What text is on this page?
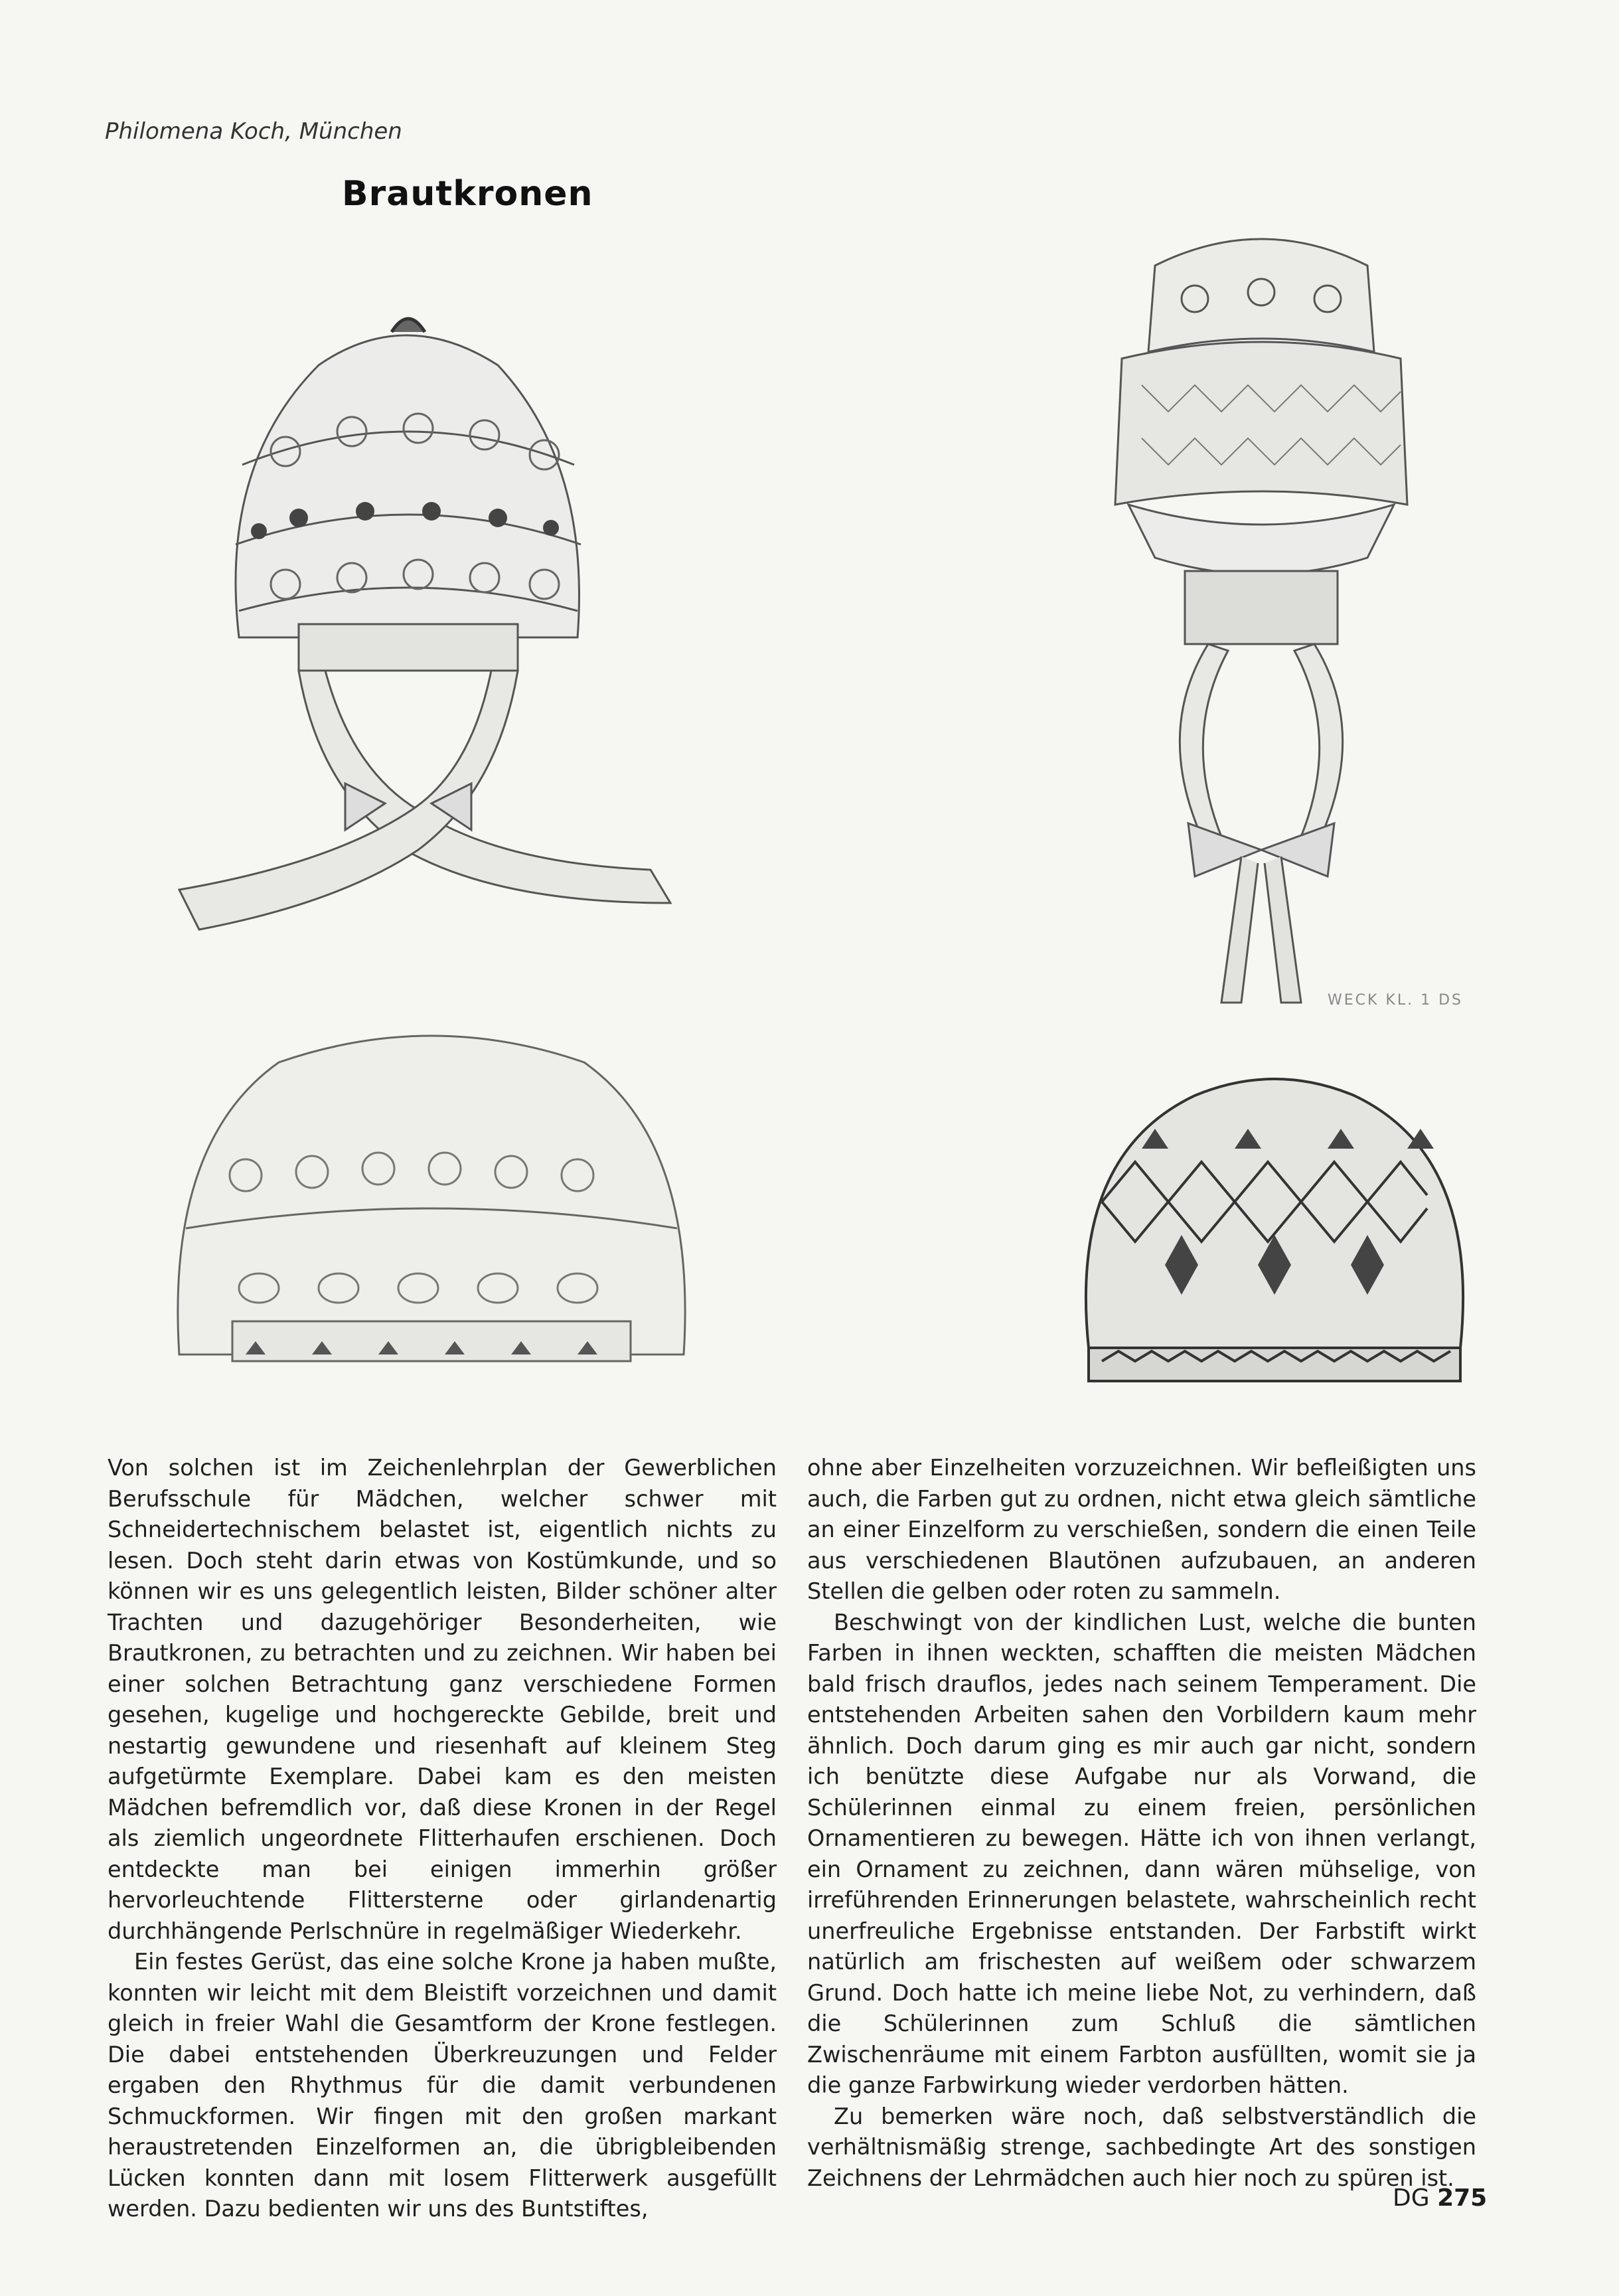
Philomena Koch, München
Brautkronen
WECK KL. 1 DS

Von solchen ist im Zeichenlehrplan der Gewerblichen Berufsschule für Mädchen, welcher schwer mit Schneidertechnischem belastet ist, eigentlich nichts zu lesen. Doch steht darin etwas von Kostümkunde, und so können wir es uns gelegentlich leisten, Bilder schöner alter Trachten und dazugehöriger Besonderheiten, wie Brautkronen, zu betrachten und zu zeichnen. Wir haben bei einer solchen Betrachtung ganz verschiedene Formen gesehen, kugelige und hochgereckte Gebilde, breit und nestartig gewundene und riesenhaft auf kleinem Steg aufgetürmte Exemplare. Dabei kam es den meisten Mädchen befremdlich vor, daß diese Kronen in der Regel als ziemlich ungeordnete Flitterhaufen erschienen. Doch entdeckte man bei einigen immerhin größer hervorleuchtende Flittersterne oder girlandenartig durchhängende Perlschnüre in regelmäßiger Wiederkehr.

Ein festes Gerüst, das eine solche Krone ja haben mußte, konnten wir leicht mit dem Bleistift vorzeichnen und damit gleich in freier Wahl die Gesamtform der Krone festlegen. Die dabei entstehenden Überkreuzungen und Felder ergaben den Rhythmus für die damit verbundenen Schmuckformen. Wir fingen mit den großen markant heraustretenden Einzelformen an, die übrigbleibenden Lücken konnten dann mit losem Flitterwerk ausgefüllt werden. Dazu bedienten wir uns des Buntstiftes,

ohne aber Einzelheiten vorzuzeichnen. Wir befleißigten uns auch, die Farben gut zu ordnen, nicht etwa gleich sämtliche an einer Einzelform zu verschießen, sondern die einen Teile aus verschiedenen Blautönen aufzubauen, an anderen Stellen die gelben oder roten zu sammeln.

Beschwingt von der kindlichen Lust, welche die bunten Farben in ihnen weckten, schafften die meisten Mädchen bald frisch drauflos, jedes nach seinem Temperament. Die entstehenden Arbeiten sahen den Vorbildern kaum mehr ähnlich. Doch darum ging es mir auch gar nicht, sondern ich benützte diese Aufgabe nur als Vorwand, die Schülerinnen einmal zu einem freien, persönlichen Ornamentieren zu bewegen. Hätte ich von ihnen verlangt, ein Ornament zu zeichnen, dann wären mühselige, von irreführenden Erinnerungen belastete, wahrscheinlich recht unerfreuliche Ergebnisse entstanden. Der Farbstift wirkt natürlich am frischesten auf weißem oder schwarzem Grund. Doch hatte ich meine liebe Not, zu verhindern, daß die Schülerinnen zum Schluß die sämtlichen Zwischenräume mit einem Farbton ausfüllten, womit sie ja die ganze Farbwirkung wieder verdorben hätten.

Zu bemerken wäre noch, daß selbstverständlich die verhältnismäßig strenge, sachbedingte Art des sonstigen Zeichnens der Lehrmädchen auch hier noch zu spüren ist.

DG 275
